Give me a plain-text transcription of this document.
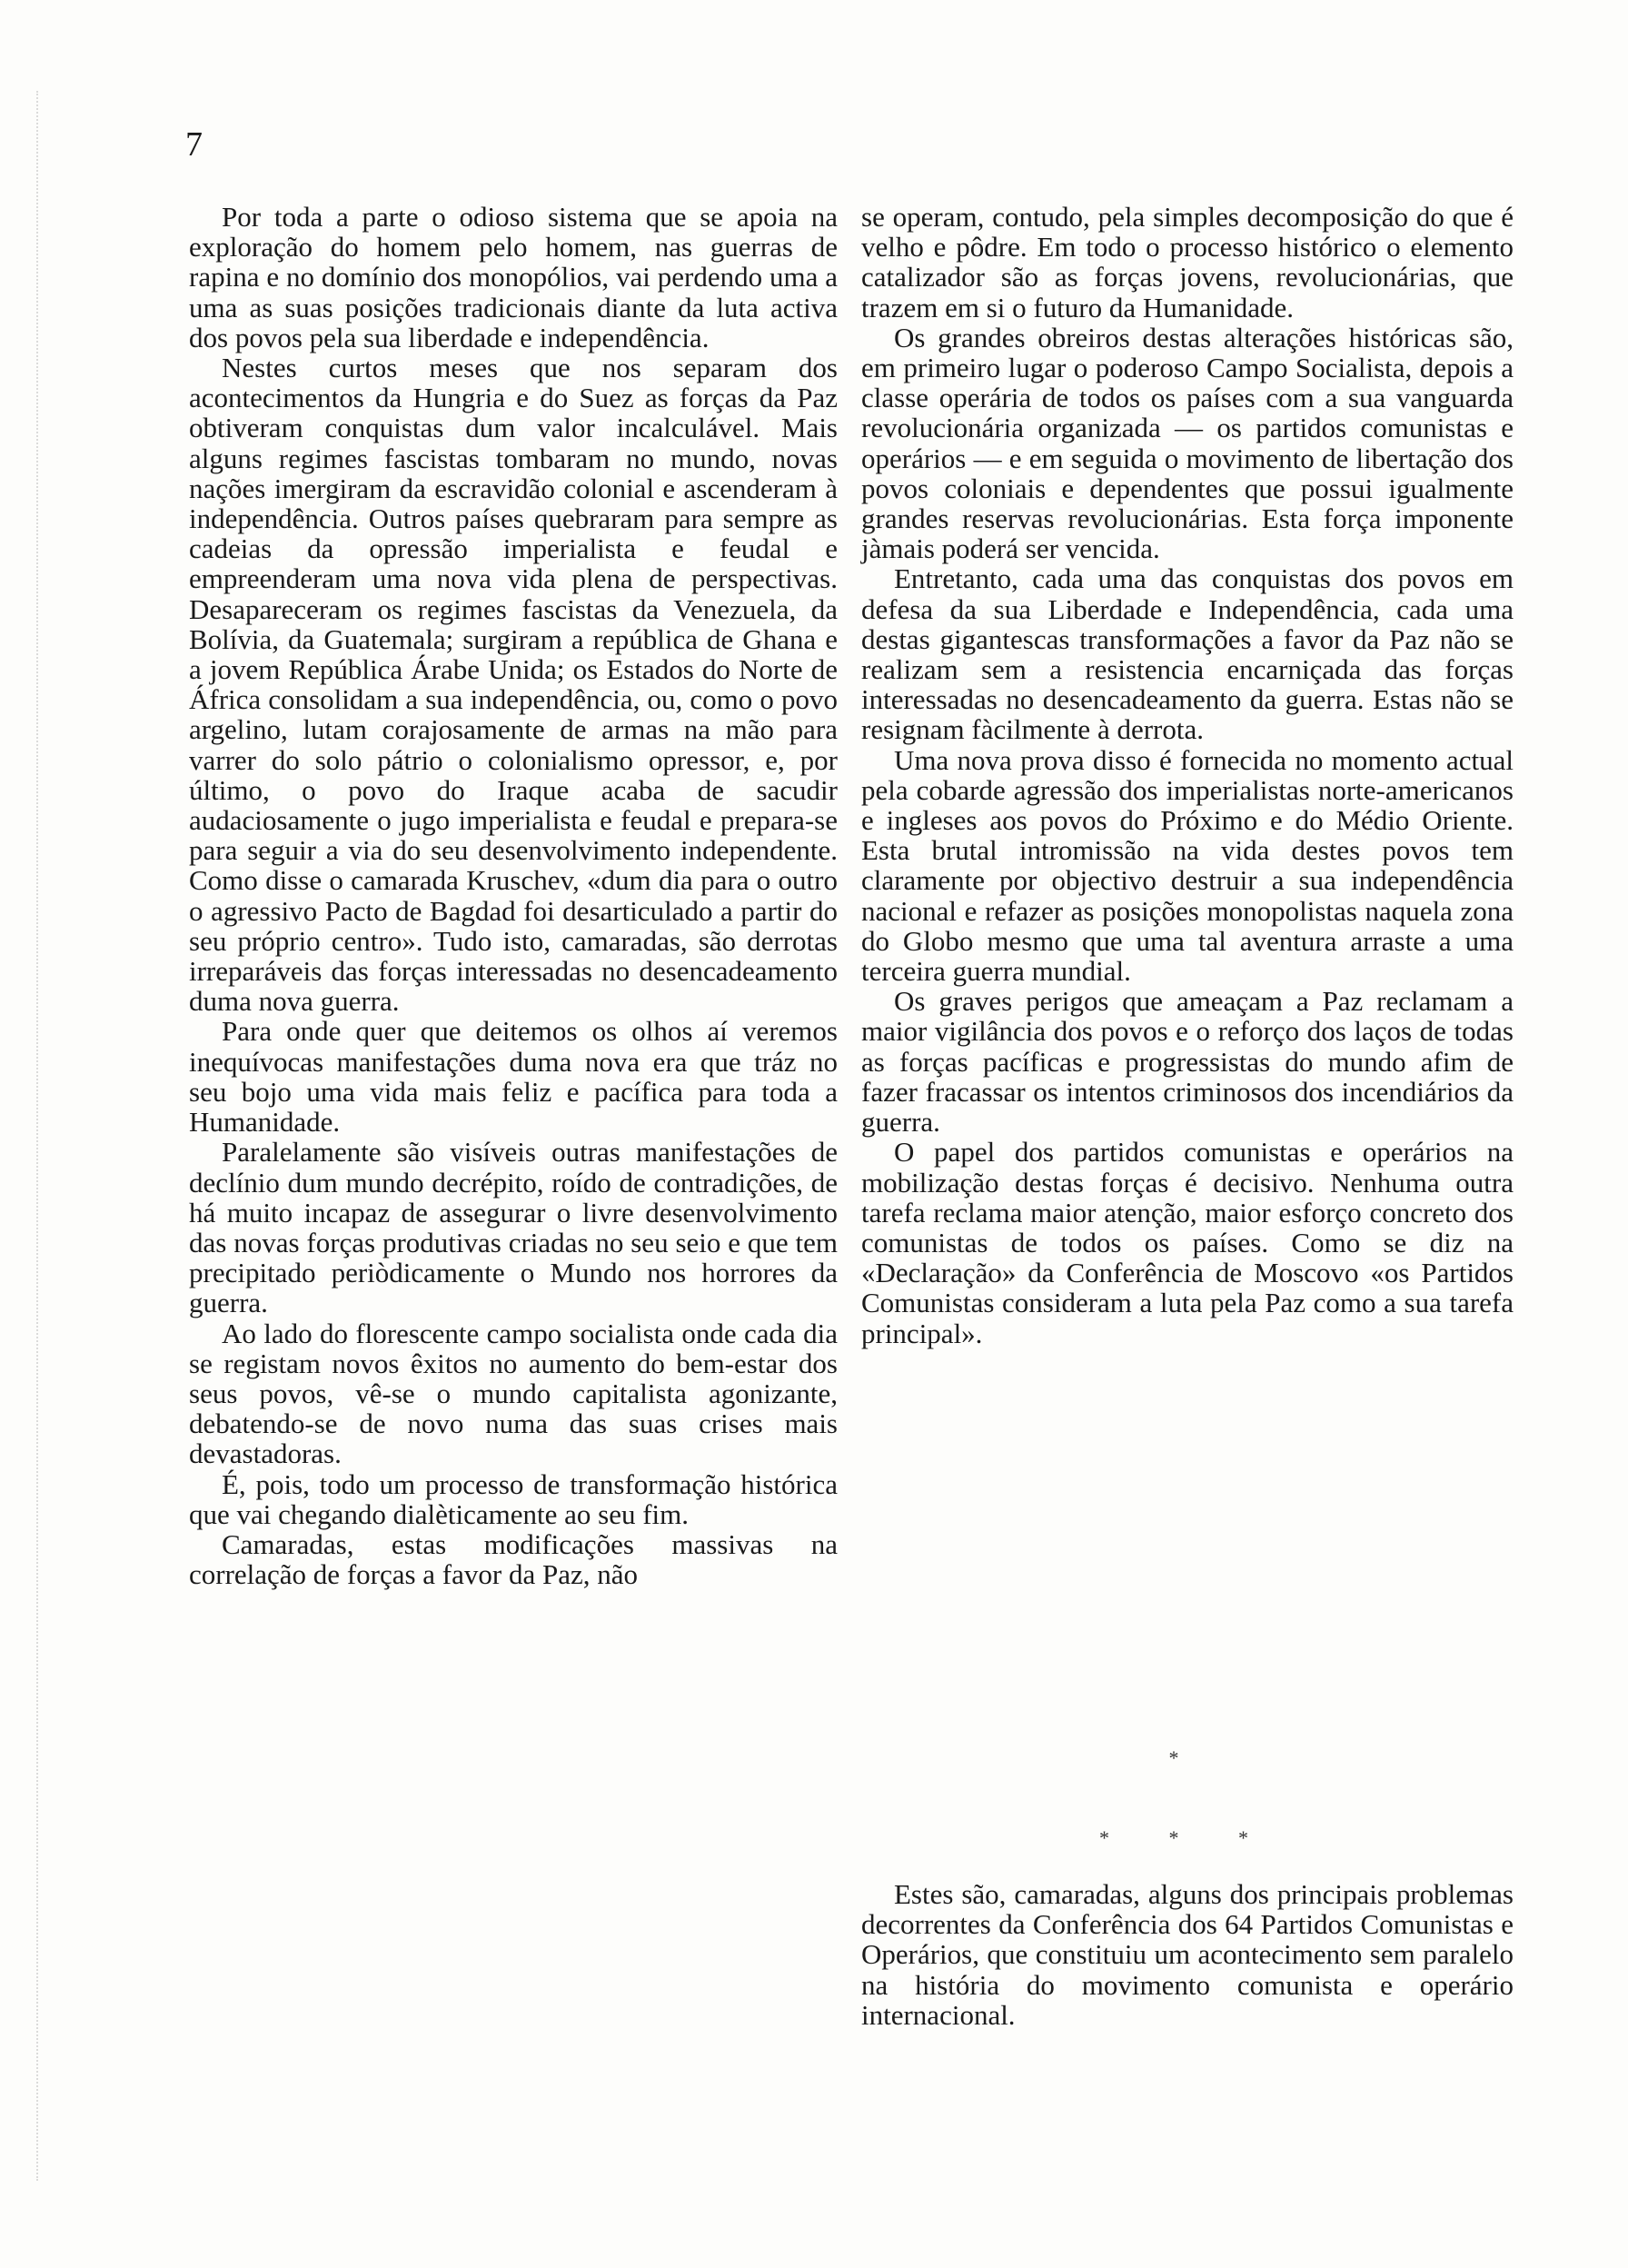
7

Por toda a parte o odioso sistema que se apoia na exploração do homem pelo homem, nas guerras de rapina e no domínio dos monopólios, vai perdendo uma a uma as suas posições tradicionais diante da luta activa dos povos pela sua liberdade e independência.

Nestes curtos meses que nos separam dos acontecimentos da Hungria e do Suez as forças da Paz obtiveram conquistas dum valor incalculável. Mais alguns regimes fascistas tombaram no mundo, novas nações imergiram da escravidão colonial e ascenderam à independência. Outros países quebraram para sempre as cadeias da opressão imperialista e feudal e empreenderam uma nova vida plena de perspectivas. Desapareceram os regimes fascistas da Venezuela, da Bolívia, da Guatemala; surgiram a república de Ghana e a jovem República Árabe Unida; os Estados do Norte de África consolidam a sua independência, ou, como o povo argelino, lutam corajosamente de armas na mão para varrer do solo pátrio o colonialismo opressor, e, por último, o povo do Iraque acaba de sacudir audaciosamente o jugo imperialista e feudal e prepara-se para seguir a via do seu desenvolvimento independente. Como disse o camarada Kruschev, «dum dia para o outro o agressivo Pacto de Bagdad foi desarticulado a partir do seu próprio centro». Tudo isto, camaradas, são derrotas irreparáveis das forças interessadas no desencadeamento duma nova guerra.

Para onde quer que deitemos os olhos aí veremos inequívocas manifestações duma nova era que tráz no seu bojo uma vida mais feliz e pacífica para toda a Humanidade.

Paralelamente são visíveis outras manifestações de declínio dum mundo decrépito, roído de contradições, de há muito incapaz de assegurar o livre desenvolvimento das novas forças produtivas criadas no seu seio e que tem precipitado periòdicamente o Mundo nos horrores da guerra.

Ao lado do florescente campo socialista onde cada dia se registam novos êxitos no aumento do bem-estar dos seus povos, vê-se o mundo capitalista agonizante, debatendo-se de novo numa das suas crises mais devastadoras.

É, pois, todo um processo de transformação histórica que vai chegando dialèticamente ao seu fim.

Camaradas, estas modificações massivas na correlação de forças a favor da Paz, não

se operam, contudo, pela simples decomposição do que é velho e pôdre. Em todo o processo histórico o elemento catalizador são as forças jovens, revolucionárias, que trazem em si o futuro da Humanidade.

Os grandes obreiros destas alterações históricas são, em primeiro lugar o poderoso Campo Socialista, depois a classe operária de todos os países com a sua vanguarda revolucionária organizada — os partidos comunistas e operários — e em seguida o movimento de libertação dos povos coloniais e dependentes que possui igualmente grandes reservas revolucionárias. Esta força imponente jàmais poderá ser vencida.

Entretanto, cada uma das conquistas dos povos em defesa da sua Liberdade e Independência, cada uma destas gigantescas transformações a favor da Paz não se realizam sem a resistencia encarniçada das forças interessadas no desencadeamento da guerra. Estas não se resignam fàcilmente à derrota.

Uma nova prova disso é fornecida no momento actual pela cobarde agressão dos imperialistas norte-americanos e ingleses aos povos do Próximo e do Médio Oriente. Esta brutal intromissão na vida destes povos tem claramente por objectivo destruir a sua independência nacional e refazer as posições monopolistas naquela zona do Globo mesmo que uma tal aventura arraste a uma terceira guerra mundial.

Os graves perigos que ameaçam a Paz reclamam a maior vigilância dos povos e o reforço dos laços de todas as forças pacíficas e progressistas do mundo afim de fazer fracassar os intentos criminosos dos incendiários da guerra.

O papel dos partidos comunistas e operários na mobilização destas forças é decisivo. Nenhuma outra tarefa reclama maior atenção, maior esforço concreto dos comunistas de todos os países. Como se diz na «Declaração» da Conferência de Moscovo «os Partidos Comunistas consideram a luta pela Paz como a sua tarefa principal».

*
* * *

Estes são, camaradas, alguns dos principais problemas decorrentes da Conferência dos 64 Partidos Comunistas e Operários, que constituiu um acontecimento sem paralelo na história do movimento comunista e operário internacional.
